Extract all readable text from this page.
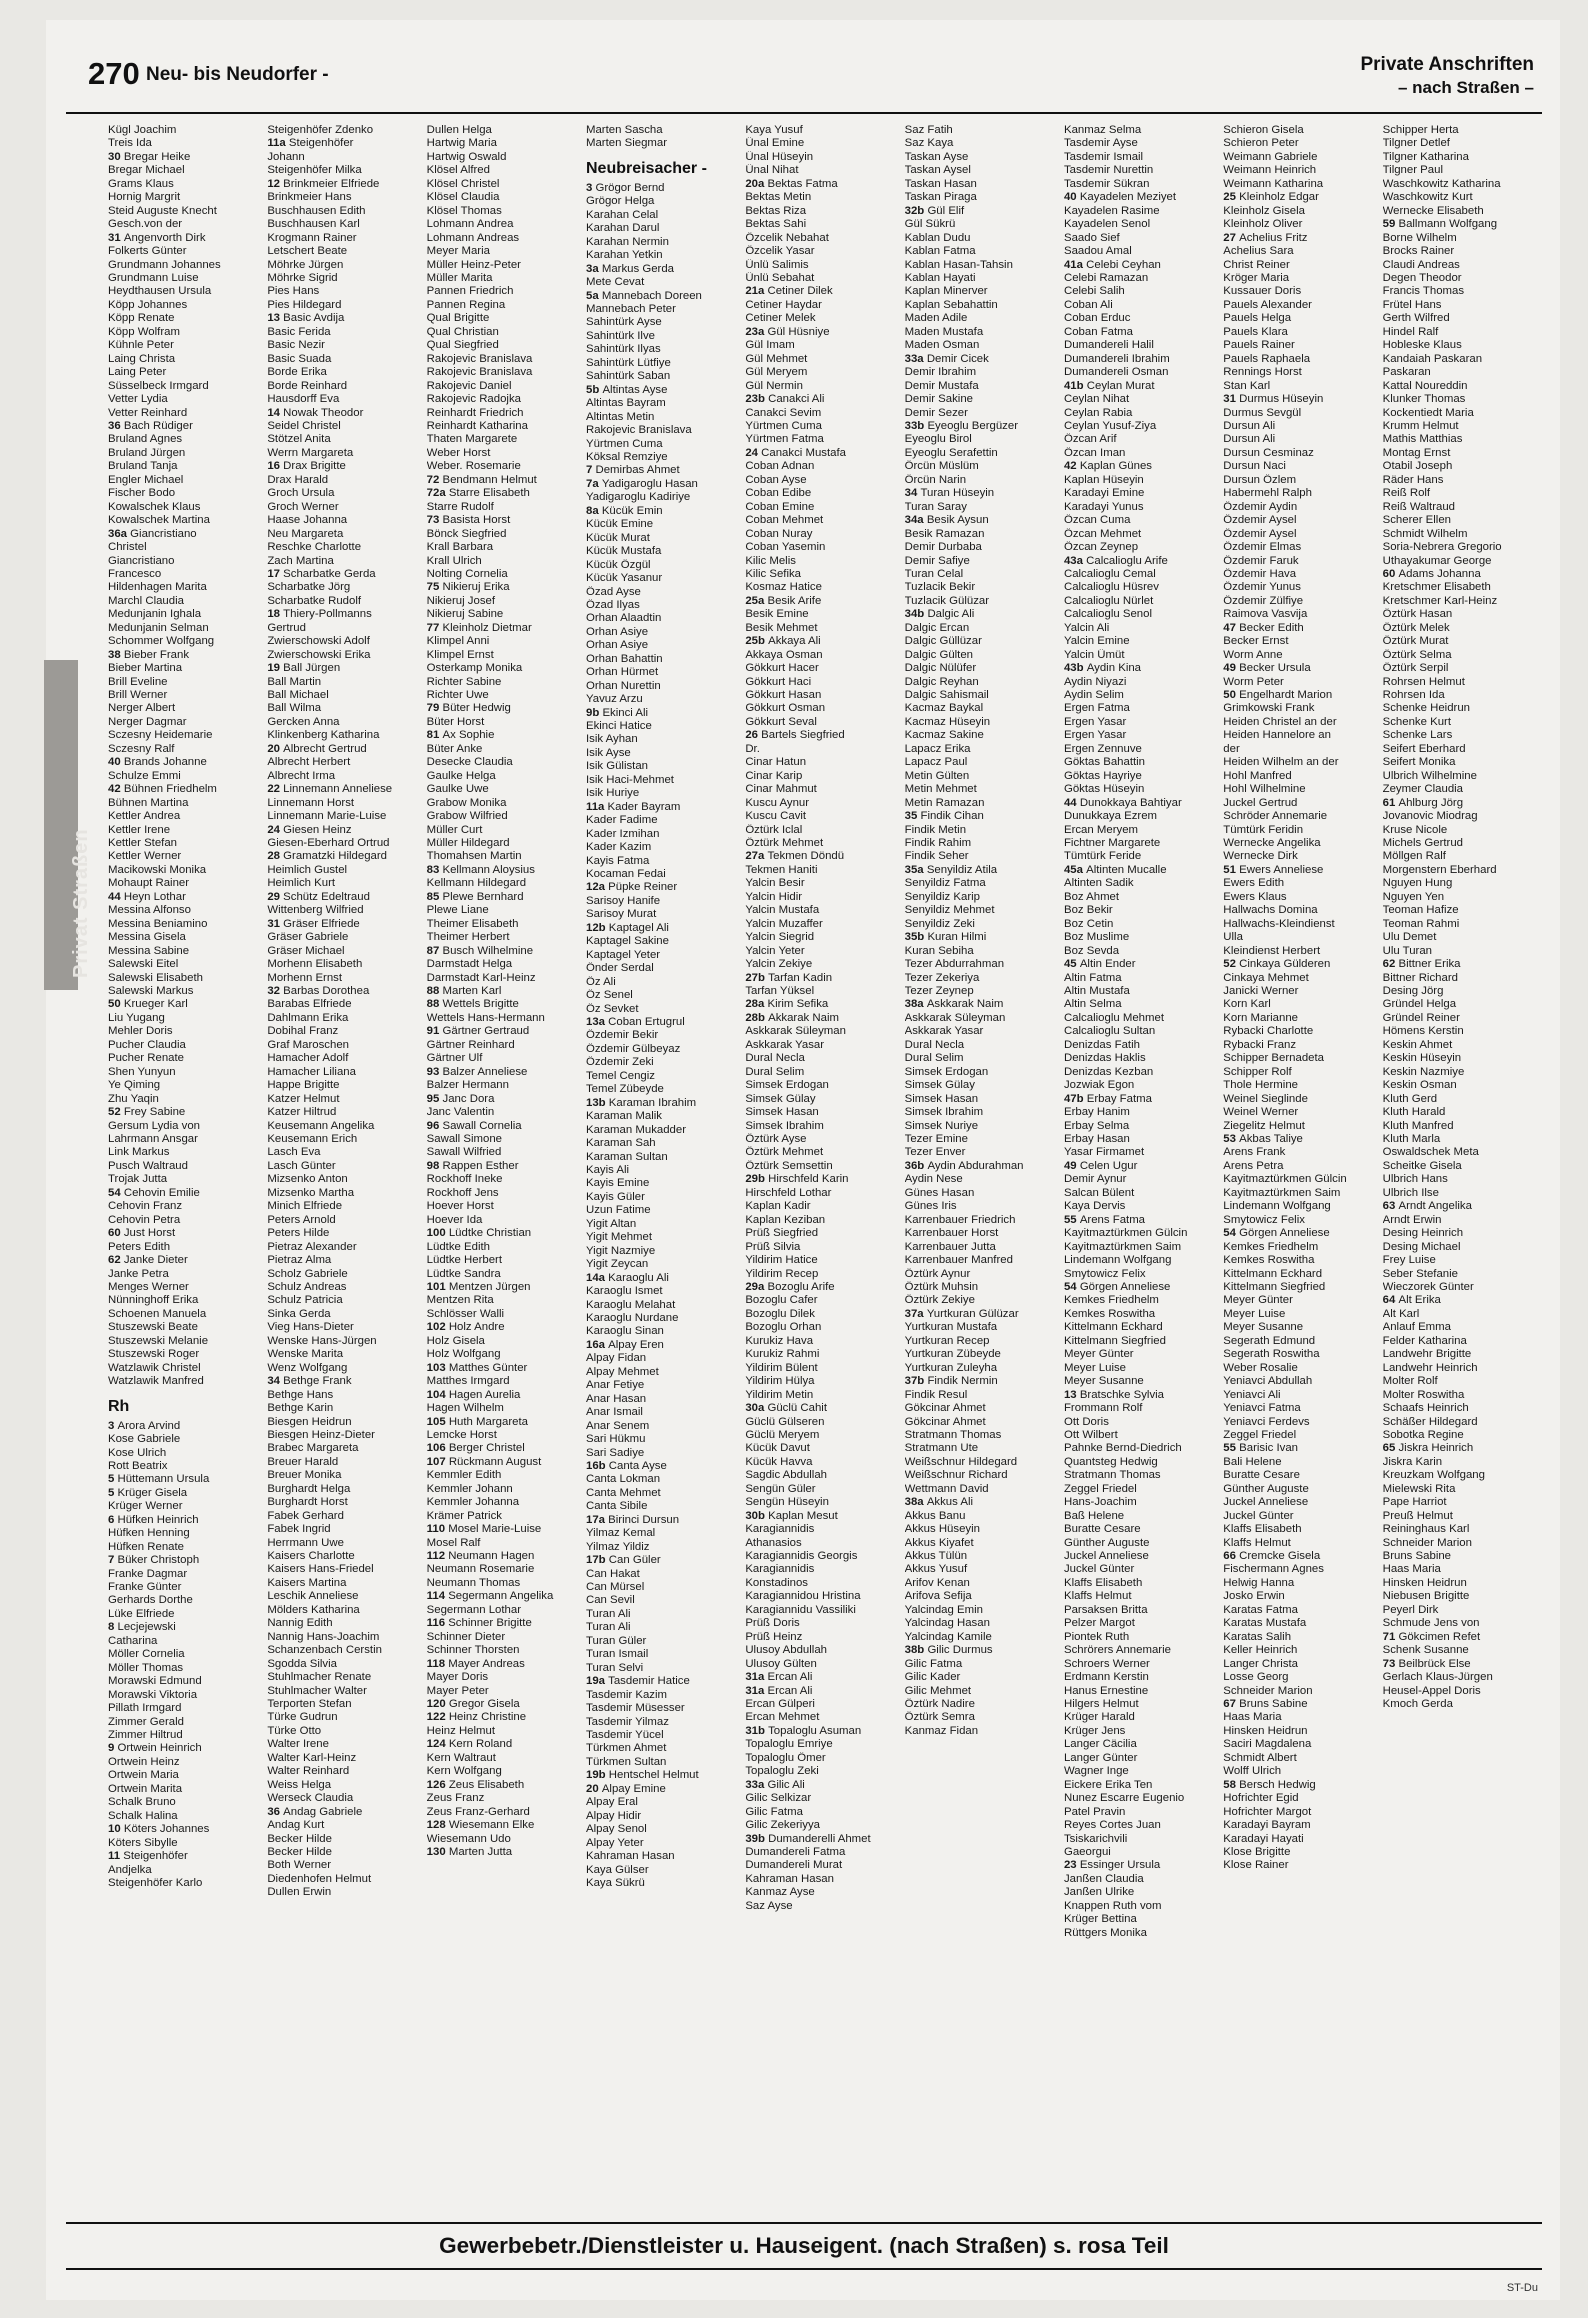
270 Neu- bis Neudorfer -	Private Anschriften
– nach Straßen –
Privat Straßen
Kügl Joachim
Treis Ida
30 Bregar Heike
Bregar Michael
Grams Klaus
Hornig Margrit
Steid Auguste Knecht
Gesch.von der
31 Angenvorth Dirk
Folkerts Günter
Grundmann Johannes
Grundmann Luise
Heydthausen Ursula
Köpp Johannes
Köpp Renate
Köpp Wolfram
Kühnle Peter
Laing Christa
Laing Peter
Süsselbeck Irmgard
Vetter Lydia
Vetter Reinhard
36 Bach Rüdiger
Bruland Agnes
Bruland Jürgen
Bruland Tanja
Engler Michael
Fischer Bodo
Kowalschek Klaus
Kowalschek Martina
36a Giancristiano
Christel
Giancristiano
Francesco
Hildenhagen Marita
Marchl Claudia
Medunjanin Ighala
Medunjanin Selman
Schommer Wolfgang
38 Bieber Frank
Bieber Martina
Brill Eveline
Brill Werner
Nerger Albert
Nerger Dagmar
Sczesny Heidemarie
Sczesny Ralf
40 Brands Johanne
Schulze Emmi
42 Bühnen Friedhelm
Bühnen Martina
Kettler Andrea
Kettler Irene
Kettler Stefan
Kettler Werner
Macikowski Monika
Mohaupt Rainer
44 Heyn Lothar
Messina Alfonso
Messina Beniamino
Messina Gisela
Messina Sabine
Salewski Eitel
Salewski Elisabeth
Salewski Markus
50 Krueger Karl
Liu Yugang
Mehler Doris
Pucher Claudia
Pucher Renate
Shen Yunyun
Ye Qiming
Zhu Yaqin
52 Frey Sabine
Gersum Lydia von
Lahrmann Ansgar
Link Markus
Pusch Waltraud
Trojak Jutta
54 Cehovin Emilie
Cehovin Franz
Cehovin Petra
60 Just Horst
Peters Edith
62 Janke Dieter
Janke Petra
Menges Werner
Nünninghoff Erika
Schoenen Manuela
Stuszewski Beate
Stuszewski Melanie
Stuszewski Roger
Watzlawik Christel
Watzlawik Manfred
Rh
3 Arora Arvind
Kose Gabriele
Kose Ulrich
Rott Beatrix
5 Hüttemann Ursula
5 Krüger Gisela
Krüger Werner
6 Hüfken Heinrich
Hüfken Henning
Hüfken Renate
7 Büker Christoph
Franke Dagmar
Franke Günter
Gerhards Dorthe
Lüke Elfriede
8 Lecjejewski
Catharina
Möller Cornelia
Möller Thomas
Morawski Edmund
Morawski Viktoria
Pillath Irmgard
Zimmer Gerald
Zimmer Hiltrud
9 Ortwein Heinrich
Ortwein Heinz
Ortwein Maria
Ortwein Marita
Schalk Bruno
Schalk Halina
10 Köters Johannes
Köters Sibylle
11 Steigenhöfer
Andjelka
Steigenhöfer Karlo
Steigenhöfer Zdenko
11a Steigenhöfer
Johann
Steigenhöfer Milka
12 Brinkmeier Elfriede
Brinkmeier Hans
Buschhausen Edith
Buschhausen Karl
Krogmann Rainer
Letschert Beate
Möhrke Jürgen
Möhrke Sigrid
Pies Hans
Pies Hildegard
13 Basic Avdija
Basic Ferida
Basic Nezir
Basic Suada
Borde Erika
Borde Reinhard
Hausdorff Eva
14 Nowak Theodor
Seidel Christel
Stötzel Anita
Werrn Margareta
16 Drax Brigitte
Drax Harald
Groch Ursula
Groch Werner
Haase Johanna
Neu Margareta
Reschke Charlotte
Zach Martina
17 Scharbatke Gerda
Scharbatke Jörg
Scharbatke Rudolf
18 Thiery-Pollmanns
Gertrud
Zwierschowski Adolf
Zwierschowski Erika
19 Ball Jürgen
Ball Martin
Ball Michael
Ball Wilma
Gercken Anna
Klinkenberg Katharina
20 Albrecht Gertrud
Albrecht Herbert
Albrecht Irma
22 Linnemann Anneliese
Linnemann Horst
Linnemann Marie-Luise
24 Giesen Heinz
Giesen-Eberhard Ortrud
28 Gramatzki Hildegard
Heimlich Gustel
Heimlich Kurt
29 Schütz Edeltraud
Wittenberg Wilfried
31 Gräser Elfriede
Gräser Gabriele
Gräser Michael
Morhenn Elisabeth
Morhenn Ernst
32 Barbas Dorothea
Barabas Elfriede
Dahlmann Erika
Dobihal Franz
Graf Maroschen
Hamacher Adolf
Hamacher Liliana
Happe Brigitte
Katzer Helmut
Katzer Hiltrud
Keusemann Angelika
Keusemann Erich
Lasch Eva
Lasch Günter
Mizsenko Anton
Mizsenko Martha
Minich Elfriede
Peters Arnold
Peters Hilde
Pietraz Alexander
Pietraz Alma
Scholz Gabriele
Schulz Andreas
Schulz Patricia
Sinka Gerda
Vieg Hans-Dieter
Wenske Hans-Jürgen
Wenske Marita
Wenz Wolfgang
34 Bethge Frank
Bethge Hans
Bethge Karin
Biesgen Heidrun
Biesgen Heinz-Dieter
Brabec Margareta
Breuer Harald
Breuer Monika
Burghardt Helga
Burghardt Horst
Fabek Gerhard
Fabek Ingrid
Herrmann Uwe
Kaisers Charlotte
Kaisers Hans-Friedel
Kaisers Martina
Leschik Anneliese
Mölders Katharina
Nannig Edith
Nannig Hans-Joachim
Schanzenbach Cerstin
Sgodda Silvia
Stuhlmacher Renate
Stuhlmacher Walter
Terporten Stefan
Türke Gudrun
Türke Otto
Walter Irene
Walter Karl-Heinz
Walter Reinhard
Weiss Helga
Werseck Claudia
36 Andag Gabriele
Andag Kurt
Becker Hilde
Becker Hilde
Both Werner
Diedenhofen Helmut
Dullen Erwin
Dullen Helga
Hartwig Maria
Hartwig Oswald
Klösel Alfred
Klösel Christel
Klösel Claudia
Klösel Thomas
Lohmann Andrea
Lohmann Andreas
Meyer Maria
Müller Heinz-Peter
Müller Marita
Pannen Friedrich
Pannen Regina
Qual Brigitte
Qual Christian
Qual Siegfried
Rakojevic Branislava
Rakojevic Branislava
Rakojevic Daniel
Rakojevic Radojka
Reinhardt Friedrich
Reinhardt Katharina
Thaten Margarete
Weber Horst
Weber. Rosemarie
72 Bendmann Helmut
72a Starre Elisabeth
Starre Rudolf
73 Basista Horst
Bönck Siegfried
Krall Barbara
Krall Ulrich
Nolting Cornelia
75 Nikieruj Erika
Nikieruj Josef
Nikieruj Sabine
77 Kleinholz Dietmar
Klimpel Anni
Klimpel Ernst
Osterkamp Monika
Richter Sabine
Richter Uwe
79 Büter Hedwig
Büter Horst
81 Ax Sophie
Büter Anke
Desecke Claudia
Gaulke Helga
Gaulke Uwe
Grabow Monika
Grabow Wilfried
Müller Curt
Müller Hildegard
Thomahsen Martin
83 Kellmann Aloysius
Kellmann Hildegard
85 Plewe Bernhard
Plewe Liane
Theimer Elisabeth
Theimer Herbert
87 Busch Wilhelmine
Darmstadt Helga
Darmstadt Karl-Heinz
88 Marten Karl
88 Wettels Brigitte
Wettels Hans-Hermann
91 Gärtner Gertraud
Gärtner Reinhard
Gärtner Ulf
93 Balzer Anneliese
Balzer Hermann
95 Janc Dora
Janc Valentin
96 Sawall Cornelia
Sawall Simone
Sawall Wilfried
98 Rappen Esther
Rockhoff Ineke
Rockhoff Jens
Hoever Horst
Hoever Ida
100 Lüdtke Christian
Lüdtke Edith
Lüdtke Herbert
Lüdtke Sandra
101 Mentzen Jürgen
Mentzen Rita
Schlösser Walli
102 Holz Andre
Holz Gisela
Holz Wolfgang
103 Matthes Günter
Matthes Irmgard
104 Hagen Aurelia
Hagen Wilhelm
105 Huth Margareta
Lemcke Horst
106 Berger Christel
107 Rückmann August
Kemmler Edith
Kemmler Johann
Kemmler Johanna
Krämer Patrick
110 Mosel Marie-Luise
Mosel Ralf
112 Neumann Hagen
Neumann Rosemarie
Neumann Thomas
114 Segermann Angelika
Segermann Lothar
116 Schinner Brigitte
Schinner Dieter
Schinner Thorsten
118 Mayer Andreas
Mayer Doris
Mayer Peter
120 Gregor Gisela
122 Heinz Christine
Heinz Helmut
124 Kern Roland
Kern Waltraut
Kern Wolfgang
126 Zeus Elisabeth
Zeus Franz
Zeus Franz-Gerhard
128 Wiesemann Elke
Wiesemann Udo
130 Marten Jutta
Marten Sascha
Marten Siegmar
Neubreisacher -
3 Grögor Bernd
Grögor Helga
Karahan Celal
Karahan Darul
Karahan Nermin
Karahan Yetkin
3a Markus Gerda
Mete Cevat
5a Mannebach Doreen
Mannebach Peter
Sahintürk Ayse
Sahintürk Ilve
Sahintürk Ilyas
Sahintürk Lütfiye
Sahintürk Saban
5b Altintas Ayse
Altintas Bayram
Altintas Metin
Rakojevic Branislava
Yürtmen Cuma
Köksal Remziye
7 Demirbas Ahmet
7a Yadigaroglu Hasan
Yadigaroglu Kadiriye
8a Kücük Emin
Kücük Emine
Kücük Murat
Kücük Mustafa
Kücük Özgül
Kücük Yasanur
Özad Ayse
Özad Ilyas
Orhan Alaadtin
Orhan Asiye
Orhan Asiye
Orhan Bahattin
Orhan Hürmet
Orhan Nurettin
Yavuz Arzu
9b Ekinci Ali
Ekinci Hatice
Isik Ayhan
Isik Ayse
Isik Gülistan
Isik Haci-Mehmet
Isik Huriye
11a Kader Bayram
Kader Fadime
Kader Izmihan
Kader Kazim
Kayis Fatma
Kocaman Fedai
12a Püpke Reiner
Sarisoy Hanife
Sarisoy Murat
12b Kaptagel Ali
Kaptagel Sakine
Kaptagel Yeter
Önder Serdal
Öz Ali
Öz Senel
Öz Sevket
13a Coban Ertugrul
Özdemir Bekir
Özdemir Gülbeyaz
Özdemir Zeki
Temel Cengiz
Temel Zübeyde
13b Karaman Ibrahim
Karaman Malik
Karaman Mukadder
Karaman Sah
Karaman Sultan
Kayis Ali
Kayis Emine
Kayis Güler
Uzun Fatime
Yigit Altan
Yigit Mehmet
Yigit Nazmiye
Yigit Zeycan
14a Karaoglu Ali
Karaoglu Ismet
Karaoglu Melahat
Karaoglu Nurdane
Karaoglu Sinan
16a Alpay Eren
Alpay Fidan
Alpay Mehmet
Anar Fetiye
Anar Hasan
Anar Ismail
Anar Senem
Sari Hükmu
Sari Sadiye
16b Canta Ayse
Canta Lokman
Canta Mehmet
Canta Sibile
17a Birinci Dursun
Yilmaz Kemal
Yilmaz Yildiz
17b Can Güler
Can Hakat
Can Mürsel
Can Sevil
Turan Ali
Turan Ali
Turan Güler
Turan Ismail
Turan Selvi
19a Tasdemir Hatice
Tasdemir Kazim
Tasdemir Müsesser
Tasdemir Yilmaz
Tasdemir Yücel
Türkmen Ahmet
Türkmen Sultan
19b Hentschel Helmut
20 Alpay Emine
Alpay Eral
Alpay Hidir
Alpay Senol
Alpay Yeter
Kahraman Hasan
Kaya Gülser
Kaya Sükrü
Kaya Yusuf
Ünal Emine
Ünal Hüseyin
Ünal Nihat
20a Bektas Fatma
Bektas Metin
Bektas Riza
Bektas Sahi
Özcelik Nebahat
Özcelik Yasar
Ünlü Salimis
Ünlü Sebahat
21a Cetiner Dilek
Cetiner Haydar
Cetiner Melek
23a Gül Hüsniye
Gül Imam
Gül Mehmet
Gül Meryem
Gül Nermin
23b Canakci Ali
Canakci Sevim
Yürtmen Cuma
Yürtmen Fatma
24 Canakci Mustafa
Coban Adnan
Coban Ayse
Coban Edibe
Coban Emine
Coban Mehmet
Coban Nuray
Coban Yasemin
Kilic Melis
Kilic Sefika
Kosmaz Hatice
25a Besik Arife
Besik Emine
Besik Mehmet
25b Akkaya Ali
Akkaya Osman
Gökkurt Hacer
Gökkurt Haci
Gökkurt Hasan
Gökkurt Osman
Gökkurt Seval
26 Bartels Siegfried
Dr.
Cinar Hatun
Cinar Karip
Cinar Mahmut
Kuscu Aynur
Kuscu Cavit
Öztürk Iclal
Öztürk Mehmet
27a Tekmen Döndü
Tekmen Haniti
Yalcin Besir
Yalcin Hidir
Yalcin Mustafa
Yalcin Muzaffer
Yalcin Siegrid
Yalcin Yeter
Yalcin Zekiye
27b Tarfan Kadin
Tarfan Yüksel
28a Kirim Sefika
28b Akkarak Naim
Askkarak Süleyman
Askkarak Yasar
Dural Necla
Dural Selim
Simsek Erdogan
Simsek Gülay
Simsek Hasan
Simsek Ibrahim
Öztürk Ayse
Öztürk Mehmet
Öztürk Semsettin
29b Hirschfeld Karin
Hirschfeld Lothar
Kaplan Kadir
Kaplan Keziban
Prüß Siegfried
Prüß Silvia
Yildirim Hatice
Yildirim Recep
29a Bozoglu Arife
Bozoglu Cafer
Bozoglu Dilek
Bozoglu Orhan
Kurukiz Hava
Kurukiz Rahmi
Yildirim Bülent
Yildirim Hülya
Yildirim Metin
30a Güclü Cahit
Güclü Gülseren
Güclü Meryem
Kücük Davut
Kücük Havva
Sagdic Abdullah
Sengün Güler
Sengün Hüseyin
30b Kaplan Mesut
Karagiannidis
Athanasios
Karagiannidis Georgis
Karagiannidis
Konstadinos
Karagiannidou Hristina
Karagiannidu Vassiliki
Prüß Doris
Prüß Heinz
Ulusoy Abdullah
Ulusoy Gülten
31a Ercan Ali
31a Ercan Ali
Ercan Gülperi
Ercan Mehmet
31b Topaloglu Asuman
Topaloglu Emriye
Topaloglu Ömer
Topaloglu Zeki
33a Gilic Ali
Gilic Selkizar
Gilic Fatma
Gilic Zekeriyya
39b Dumanderelli Ahmet
Dumandereli Fatma
Dumandereli Murat
Kahraman Hasan
Kanmaz Ayse
Saz Ayse
Saz Fatih
Saz Kaya
Taskan Ayse
Taskan Aysel
Taskan Hasan
Taskan Piraga
32b Gül Elif
Gül Sükrü
Kablan Dudu
Kablan Fatma
Kablan Hasan-Tahsin
Kablan Hayati
Kaplan Minerver
Kaplan Sebahattin
Maden Adile
Maden Mustafa
Maden Osman
33a Demir Cicek
Demir Ibrahim
Demir Mustafa
Demir Sakine
Demir Sezer
33b Eyeoglu Bergüzer
Eyeoglu Birol
Eyeoglu Serafettin
Örcün Müslüm
Örcün Narin
34 Turan Hüseyin
Turan Saray
34a Besik Aysun
Besik Ramazan
Demir Durbaba
Demir Safiye
Turan Celal
Tuzlacik Bekir
Tuzlacik Gülüzar
34b Dalgic Ali
Dalgic Ercan
Dalgic Güllüzar
Dalgic Gülten
Dalgic Nülüfer
Dalgic Reyhan
Dalgic Sahismail
Kacmaz Baykal
Kacmaz Hüseyin
Kacmaz Sakine
Lapacz Erika
Lapacz Paul
Metin Gülten
Metin Mehmet
Metin Ramazan
35 Findik Cihan
Findik Metin
Findik Rahim
Findik Seher
35a Senyildiz Atila
Senyildiz Fatma
Senyildiz Karip
Senyildiz Mehmet
Senyildiz Zeki
35b Kuran Hilmi
Kuran Sebiha
Tezer Abdurrahman
Tezer Zekeriya
Tezer Zeynep
38a Askkarak Naim
Askkarak Süleyman
Askkarak Yasar
Dural Necla
Dural Selim
Simsek Erdogan
Simsek Gülay
Simsek Hasan
Simsek Ibrahim
Simsek Nuriye
Tezer Emine
Tezer Enver
36b Aydin Abdurahman
Aydin Nese
Günes Hasan
Günes Iris
Karrenbauer Friedrich
Karrenbauer Horst
Karrenbauer Jutta
Karrenbauer Manfred
Öztürk Aynur
Öztürk Muhsin
Öztürk Zekiye
37a Yurtkuran Gülüzar
Yurtkuran Mustafa
Yurtkuran Recep
Yurtkuran Zübeyde
Yurtkuran Zuleyha
37b Findik Nermin
Findik Resul
Gökcinar Ahmet
Gökcinar Ahmet
Stratmann Thomas
Stratmann Ute
Weißschnur Hildegard
Weißschnur Richard
Wettmann David
38a Akkus Ali
Akkus Banu
Akkus Hüseyin
Akkus Kiyafet
Akkus Tülün
Akkus Yusuf
Arifov Kenan
Arifova Sefija
Yalcindag Emin
Yalcindag Hasan
Yalcindag Kamile
38b Gilic Durmus
Gilic Fatma
Gilic Kader
Gilic Mehmet
Öztürk Nadire
Öztürk Semra
Kanmaz Fidan
Kanmaz Selma
Tasdemir Ayse
Tasdemir Ismail
Tasdemir Nurettin
Tasdemir Sükran
40 Kayadelen Meziyet
Kayadelen Rasime
Kayadelen Senol
Saado Sief
Saadou Amal
41a Celebi Ceyhan
Celebi Ramazan
Celebi Salih
Coban Ali
Coban Erduc
Coban Fatma
Dumandereli Halil
Dumandereli Ibrahim
Dumandereli Osman
41b Ceylan Murat
Ceylan Nihat
Ceylan Rabia
Ceylan Yusuf-Ziya
Özcan Arif
Özcan Iman
42 Kaplan Günes
Kaplan Hüseyin
Karadayi Emine
Karadayi Yunus
Özcan Cuma
Özcan Mehmet
Özcan Zeynep
43a Calcalioglu Arife
Calcalioglu Cemal
Calcalioglu Hüsrev
Calcalioglu Nürlet
Calcalioglu Senol
Yalcin Ali
Yalcin Emine
Yalcin Ümüt
43b Aydin Kina
Aydin Niyazi
Aydin Selim
Ergen Fatma
Ergen Yasar
Ergen Yasar
Ergen Zennuve
Göktas Bahattin
Göktas Hayriye
Göktas Hüseyin
44 Dunokkaya Bahtiyar
Dunukkaya Ezrem
Ercan Meryem
Fichtner Margarete
Tümtürk Feride
45a Altinten Mucalle
Altinten Sadik
Boz Ahmet
Boz Bekir
Boz Cetin
Boz Muslime
Boz Sevda
45 Altin Ender
Altin Fatma
Altin Mustafa
Altin Selma
Calcalioglu Mehmet
Calcalioglu Sultan
Denizdas Fatih
Denizdas Haklis
Denizdas Kezban
Jozwiak Egon
47b Erbay Fatma
Erbay Hanim
Erbay Selma
Erbay Hasan
Yasar Firmamet
49 Celen Ugur
Demir Aynur
Salcan Bülent
Kaya Dervis
55 Arens Fatma
Kayitmaztürkmen Gülcin
Kayitmaztürkmen Saim
Lindemann Wolfgang
Smytowicz Felix
54 Görgen Anneliese
Kemkes Friedhelm
Kemkes Roswitha
Kittelmann Eckhard
Kittelmann Siegfried
Meyer Günter
Meyer Luise
Meyer Susanne
13 Bratschke Sylvia
Frommann Rolf
Ott Doris
Ott Wilbert
Pahnke Bernd-Diedrich
Quantsteg Hedwig
Stratmann Thomas
Zeggel Friedel
Hans-Joachim
Baß Helene
Buratte Cesare
Günther Auguste
Juckel Anneliese
Juckel Günter
Klaffs Elisabeth
Klaffs Helmut
Parsaksen Britta
Pelzer Margot
Piontek Ruth
Schrörers Annemarie
Schroers Werner
Erdmann Kerstin
Hanus Ernestine
Hilgers Helmut
Krüger Harald
Krüger Jens
Langer Cäcilia
Langer Günter
Wagner Inge
Eickere Erika Ten
Nunez Escarre Eugenio
Patel Pravin
Reyes Cortes Juan
Tsiskarichvili
Gaeorgui
23 Essinger Ursula
Janßen Claudia
Janßen Ulrike
Knappen Ruth vom
Krüger Bettina
Rüttgers Monika
Schieron Gisela
Schieron Peter
Weimann Gabriele
Weimann Heinrich
Weimann Katharina
25 Kleinholz Edgar
Kleinholz Gisela
Kleinholz Oliver
27 Achelius Fritz
Achelius Sara
Christ Reiner
Kröger Maria
Kussauer Doris
Pauels Alexander
Pauels Helga
Pauels Klara
Pauels Rainer
Pauels Raphaela
Rennings Horst
Stan Karl
31 Durmus Hüseyin
Durmus Sevgül
Dursun Ali
Dursun Ali
Dursun Cesminaz
Dursun Naci
Dursun Özlem
Habermehl Ralph
Özdemir Aydin
Özdemir Aysel
Özdemir Aysel
Özdemir Elmas
Özdemir Faruk
Özdemir Hava
Özdemir Yunus
Özdemir Zülfiye
Raimova Vasvija
47 Becker Edith
Becker Ernst
Worm Anne
49 Becker Ursula
Worm Peter
50 Engelhardt Marion
Grimkowski Frank
Heiden Christel an der
Heiden Hannelore an
der
Heiden Wilhelm an der
Hohl Manfred
Hohl Wilhelmine
Juckel Gertrud
Schröder Annemarie
Tümtürk Feridin
Wernecke Angelika
Wernecke Dirk
51 Ewers Anneliese
Ewers Edith
Ewers Klaus
Hallwachs Domina
Hallwachs-Kleindienst
Ulla
Kleindienst Herbert
52 Cinkaya Gülderen
Cinkaya Mehmet
Janicki Werner
Korn Karl
Korn Marianne
Rybacki Charlotte
Rybacki Franz
Schipper Bernadeta
Schipper Rolf
Thole Hermine
Weinel Sieglinde
Weinel Werner
Ziegelitz Helmut
53 Akbas Taliye
Arens Frank
Arens Petra
Kayitmaztürkmen Gülcin
Kayitmaztürkmen Saim
Lindemann Wolfgang
Smytowicz Felix
54 Görgen Anneliese
Kemkes Friedhelm
Kemkes Roswitha
Kittelmann Eckhard
Kittelmann Siegfried
Meyer Günter
Meyer Luise
Meyer Susanne
Segerath Edmund
Segerath Roswitha
Weber Rosalie
Yeniavci Abdullah
Yeniavci Ali
Yeniavci Fatma
Yeniavci Ferdevs
Zeggel Friedel
55 Barisic Ivan
Bali Helene
Buratte Cesare
Günther Auguste
Juckel Anneliese
Juckel Günter
Klaffs Elisabeth
Klaffs Helmut
66 Cremcke Gisela
Fischermann Agnes
Helwig Hanna
Josko Erwin
Karatas Fatma
Karatas Mustafa
Karatas Salih
Keller Heinrich
Langer Christa
Losse Georg
Schneider Marion
67 Bruns Sabine
Haas Maria
Hinsken Heidrun
Saciri Magdalena
Schmidt Albert
Wolff Ulrich
58 Bersch Hedwig
Hofrichter Egid
Hofrichter Margot
Karadayi Bayram
Karadayi Hayati
Klose Brigitte
Klose Rainer
Schipper Herta
Tilgner Detlef
Tilgner Katharina
Tilgner Paul
Waschkowitz Katharina
Waschkowitz Kurt
Wernecke Elisabeth
59 Ballmann Wolfgang
Borne Wilhelm
Brocks Rainer
Claudi Andreas
Degen Theodor
Francis Thomas
Frütel Hans
Gerth Wilfred
Hindel Ralf
Hobleske Klaus
Kandaiah Paskaran
Paskaran
Kattal Noureddin
Klunker Thomas
Kockentiedt Maria
Krumm Helmut
Mathis Matthias
Montag Ernst
Otabil Joseph
Räder Hans
Reiß Rolf
Reiß Waltraud
Scherer Ellen
Schmidt Wilhelm
Soria-Nebrera Gregorio
Uthayakumar George
60 Adams Johanna
Kretschmer Elisabeth
Kretschmer Karl-Heinz
Öztürk Hasan
Öztürk Melek
Öztürk Murat
Öztürk Selma
Öztürk Serpil
Rohrsen Helmut
Rohrsen Ida
Schenke Heidrun
Schenke Kurt
Schenke Lars
Seifert Eberhard
Seifert Monika
Ulbrich Wilhelmine
Zeymer Claudia
61 Ahlburg Jörg
Jovanovic Miodrag
Kruse Nicole
Michels Gertrud
Möllgen Ralf
Morgenstern Eberhard
Nguyen Hung
Nguyen Yen
Teoman Hafize
Teoman Rahmi
Ulu Demet
Ulu Turan
62 Bittner Erika
Bittner Richard
Desing Jörg
Gründel Helga
Gründel Reiner
Hömens Kerstin
Keskin Ahmet
Keskin Hüseyin
Keskin Nazmiye
Keskin Osman
Kluth Gerd
Kluth Harald
Kluth Manfred
Kluth Marla
Oswaldschek Meta
Scheitke Gisela
Ulbrich Hans
Ulbrich Ilse
63 Arndt Angelika
Arndt Erwin
Desing Heinrich
Desing Michael
Frey Luise
Seber Stefanie
Wieczorek Günter
64 Alt Erika
Alt Karl
Anlauf Emma
Felder Katharina
Landwehr Brigitte
Landwehr Heinrich
Molter Rolf
Molter Roswitha
Schaafs Heinrich
Schäßer Hildegard
Sobotka Regine
65 Jiskra Heinrich
Jiskra Karin
Kreuzkam Wolfgang
Mielewski Rita
Pape Harriot
Preuß Helmut
Reininghaus Karl
Schneider Marion
Bruns Sabine
Haas Maria
Hinsken Heidrun
Niebusen Brigitte
Peyerl Dirk
Schmude Jens von
71 Gökcimen Refet
Schenk Susanne
73 Beilbrück Else
Gerlach Klaus-Jürgen
Heusel-Appel Doris
Kmoch Gerda
Gewerbebetr./Dienstleister u. Hauseigent. (nach Straßen) s. rosa Teil
ST-Du
